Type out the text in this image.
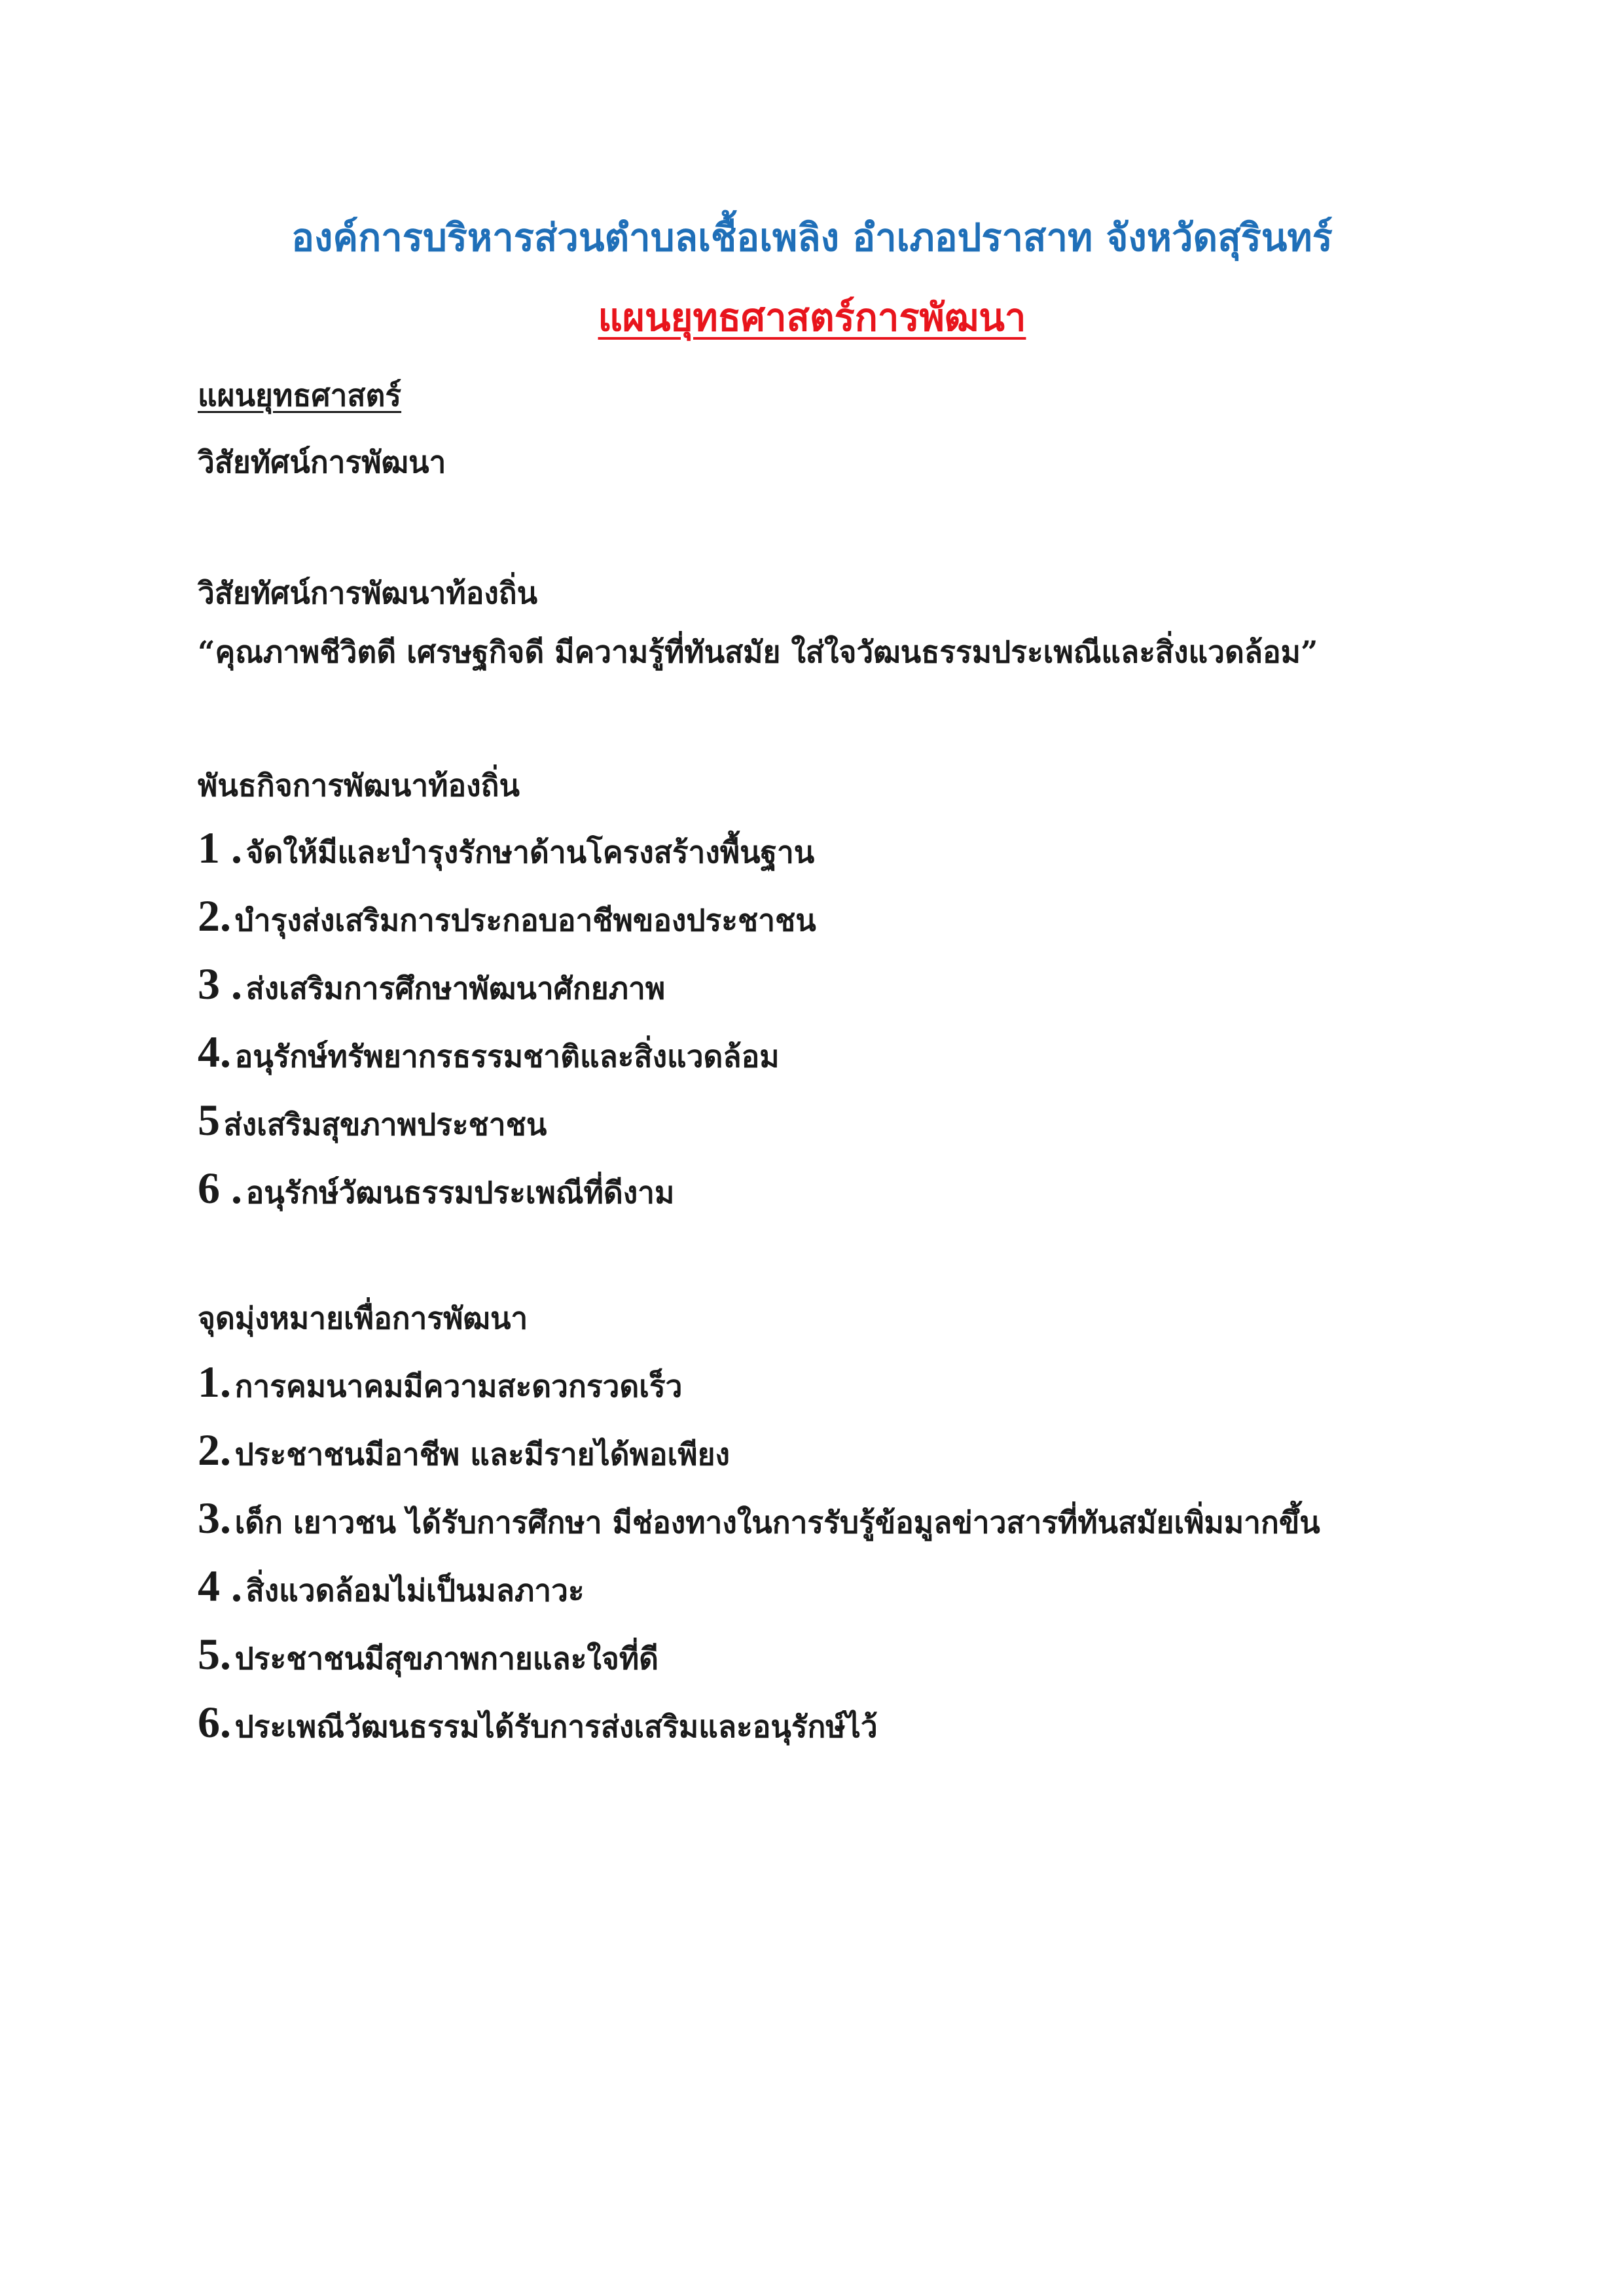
องค์การบริหารส่วนตำบลเชื้อเพลิง อำเภอปราสาท จังหวัดสุรินทร์
แผนยุทธศาสตร์การพัฒนา
แผนยุทธศาสตร์
วิสัยทัศน์การพัฒนา
วิสัยทัศน์การพัฒนาท้องถิ่น
“คุณภาพชีวิตดี เศรษฐกิจดี มีความรู้ที่ทันสมัย ใส่ใจวัฒนธรรมประเพณีและสิ่งแวดล้อม”
พันธกิจการพัฒนาท้องถิ่น
1 . จัดให้มีและบำรุงรักษาด้านโครงสร้างพื้นฐาน
2. บำรุงส่งเสริมการประกอบอาชีพของประชาชน
3 . ส่งเสริมการศึกษาพัฒนาศักยภาพ
4. อนุรักษ์ทรัพยากรธรรมชาติและสิ่งแวดล้อม
5 ส่งเสริมสุขภาพประชาชน
6 . อนุรักษ์วัฒนธรรมประเพณีที่ดีงาม
จุดมุ่งหมายเพื่อการพัฒนา
1. การคมนาคมมีความสะดวกรวดเร็ว
2. ประชาชนมีอาชีพ และมีรายได้พอเพียง
3. เด็ก เยาวชน ได้รับการศึกษา มีช่องทางในการรับรู้ข้อมูลข่าวสารที่ทันสมัยเพิ่มมากขึ้น
4 . สิ่งแวดล้อมไม่เป็นมลภาวะ
5. ประชาชนมีสุขภาพกายและใจที่ดี
6. ประเพณีวัฒนธรรมได้รับการส่งเสริมและอนุรักษ์ไว้
